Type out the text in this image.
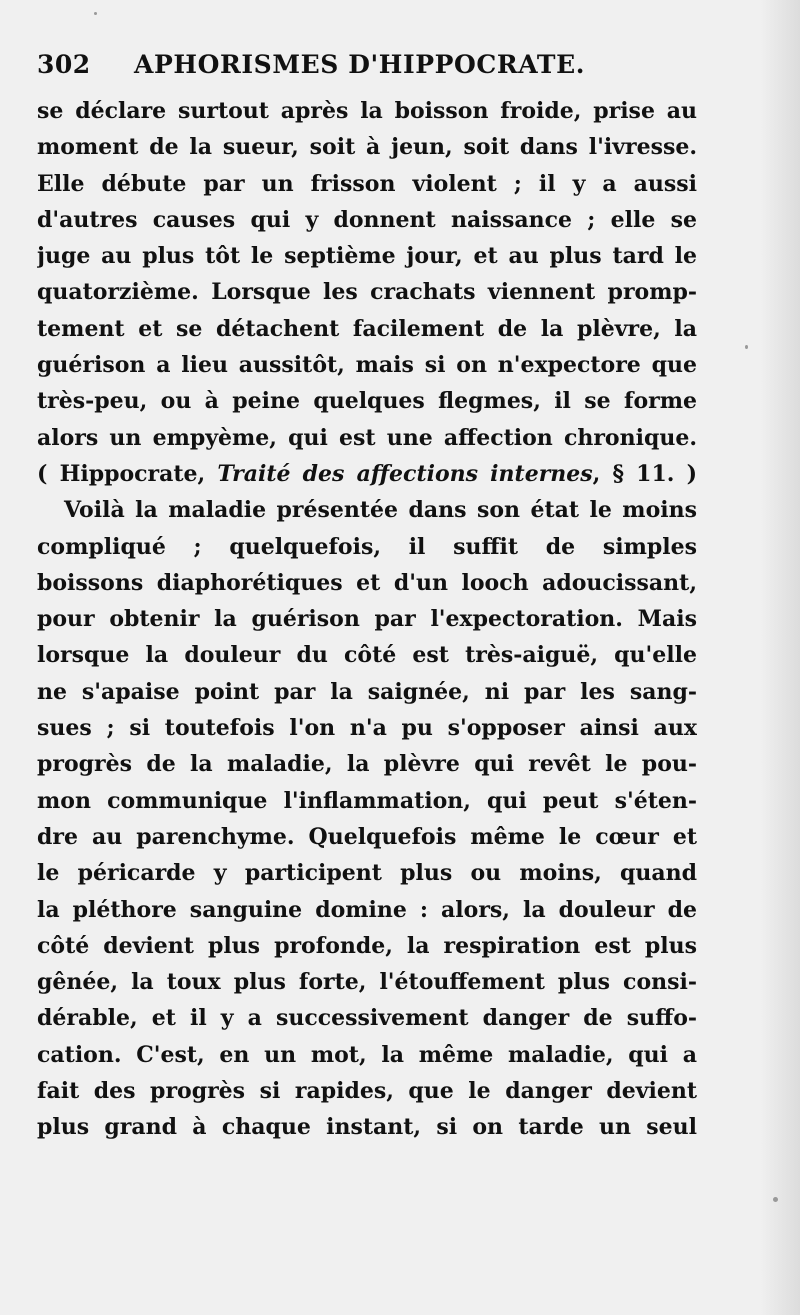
302 APHORISMES D'HIPPOCRATE.
se déclare surtout après la boisson froide, prise au
moment de la sueur, soit à jeun, soit dans l'ivresse.
Elle débute par un frisson violent ; il y a aussi
d'autres causes qui y donnent naissance ; elle se
juge au plus tôt le septième jour, et au plus tard le
quatorzième. Lorsque les crachats viennent promp-
tement et se détachent facilement de la plèvre, la
guérison a lieu aussitôt, mais si on n'expectore que
très-peu, ou à peine quelques flegmes, il se forme
alors un empyème, qui est une affection chronique.
( Hippocrate, Traité des affections internes, § 11. )
Voilà la maladie présentée dans son état le moins
compliqué ; quelquefois, il suffit de simples
boissons diaphorétiques et d'un looch adoucissant,
pour obtenir la guérison par l'expectoration. Mais
lorsque la douleur du côté est très-aiguë, qu'elle
ne s'apaise point par la saignée, ni par les sang-
sues ; si toutefois l'on n'a pu s'opposer ainsi aux
progrès de la maladie, la plèvre qui revêt le pou-
mon communique l'inflammation, qui peut s'éten-
dre au parenchyme. Quelquefois même le cœur et
le péricarde y participent plus ou moins, quand
la pléthore sanguine domine : alors, la douleur de
côté devient plus profonde, la respiration est plus
gênée, la toux plus forte, l'étouffement plus consi-
dérable, et il y a successivement danger de suffo-
cation. C'est, en un mot, la même maladie, qui a
fait des progrès si rapides, que le danger devient
plus grand à chaque instant, si on tarde un seul
